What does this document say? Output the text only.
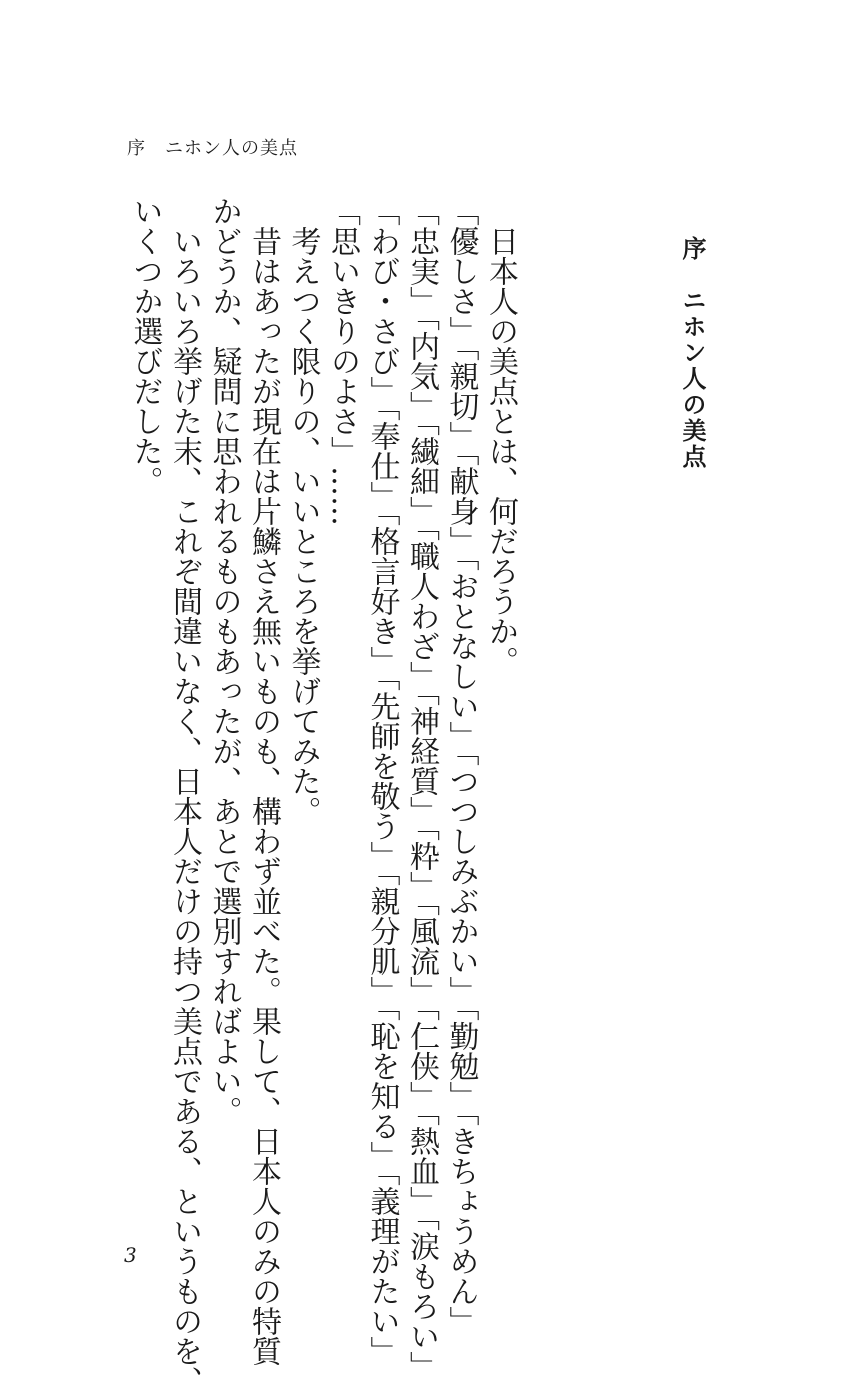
序　ニホン人の美点
序　ニホン人の美点

　日本人の美点とは、何だろうか。

「優しさ」「親切」「献身」「おとなしい」「つつしみぶかい」「勤勉」「きちょうめん」

「忠実」「内気」「繊細」「職人わざ」「神経質」「粋」「風流」「仁侠」「熱血」「涙もろい」

「わび・さび」「奉仕」「格言好き」「先師を敬う」「親分肌」「恥を知る」「義理がたい」

「思いきりのよさ」……

　考えつく限りの、いいところを挙げてみた。

　昔はあったが現在は片鱗さえ無いものも、構わず並べた。果して、日本人のみの特質

かどうか、疑問に思われるものもあったが、あとで選別すればよい。

　いろいろ挙げた末、これぞ間違いなく、日本人だけの持つ美点である、というものを、

いくつか選びだした。

3
